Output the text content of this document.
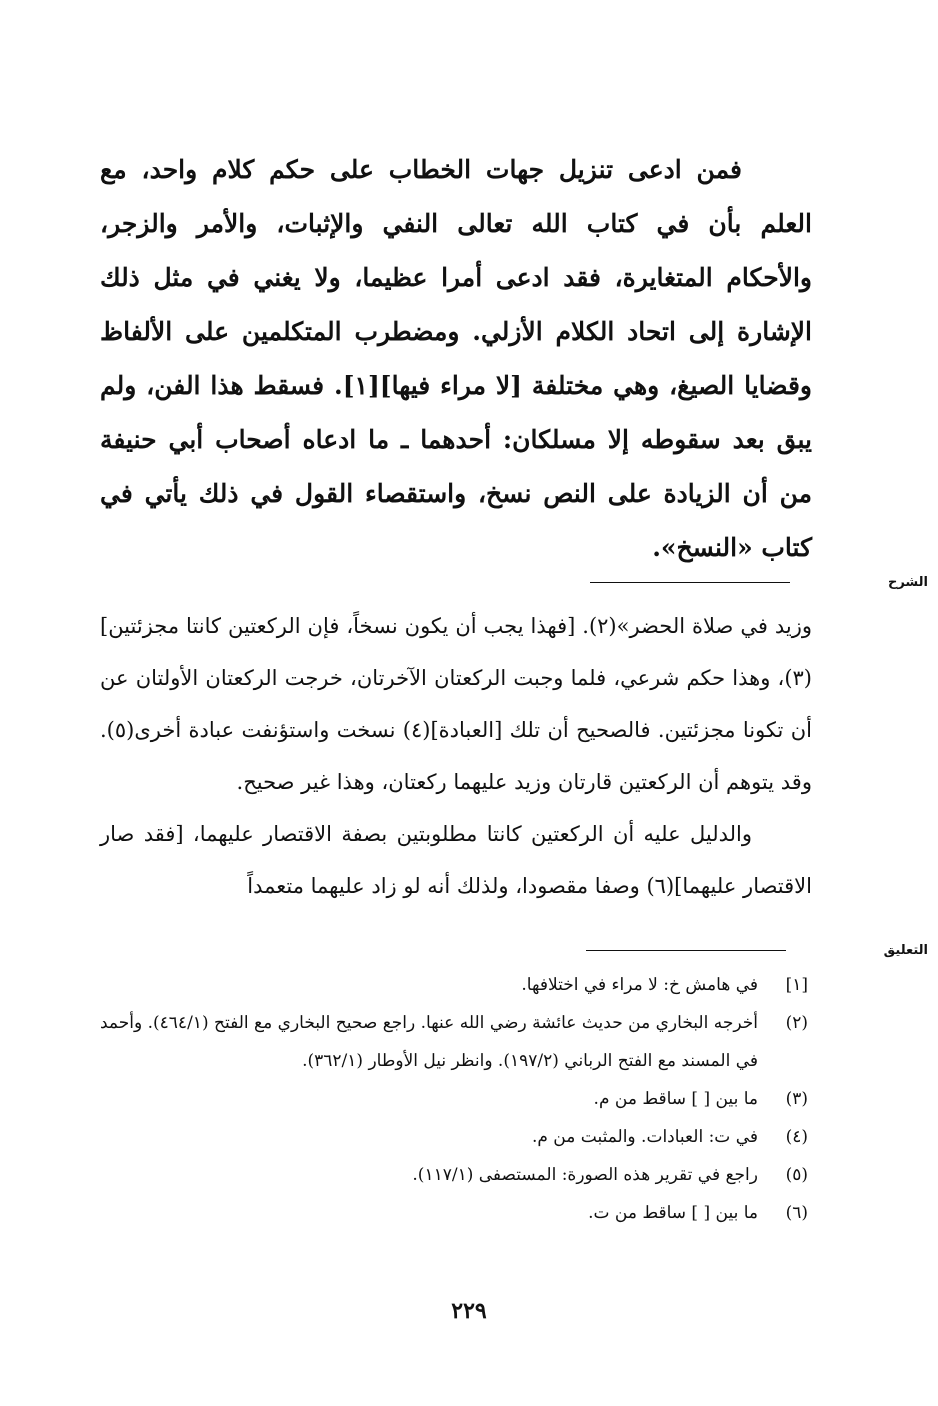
فمن ادعى تنزيل جهات الخطاب على حكم كلام واحد، مع العلم بأن في كتاب الله تعالى النفي والإثبات، والأمر والزجر، والأحكام المتغايرة، فقد ادعى أمرا عظيما، ولا يغني في مثل ذلك الإشارة إلى اتحاد الكلام الأزلي. ومضطرب المتكلمين على الألفاظ وقضايا الصيغ، وهي مختلفة [لا مراء فيها][١]. فسقط هذا الفن، ولم يبق بعد سقوطه إلا مسلكان: أحدهما ـ ما ادعاه أصحاب أبي حنيفة من أن الزيادة على النص نسخ، واستقصاء القول في ذلك يأتي في كتاب «النسخ».

الشرح

وزيد في صلاة الحضر»(٢). [فهذا يجب أن يكون نسخاً، فإن الركعتين كانتا مجزئتين](٣)، وهذا حكم شرعي، فلما وجبت الركعتان الآخرتان، خرجت الركعتان الأولتان عن أن تكونا مجزئتين. فالصحيح أن تلك [العبادة](٤) نسخت واستؤنفت عبادة أخرى(٥). وقد يتوهم أن الركعتين قارتان وزيد عليهما ركعتان، وهذا غير صحيح.

والدليل عليه أن الركعتين كانتا مطلوبتين بصفة الاقتصار عليهما، [فقد صار الاقتصار عليهما](٦) وصفا مقصودا، ولذلك أنه لو زاد عليهما متعمداً

التعليق
[١]
في هامش خ: لا مراء في اختلافها.
(٢)
أخرجه البخاري من حديث عائشة رضي الله عنها. راجع صحيح البخاري مع الفتح (٤٦٤/١). وأحمد في المسند مع الفتح الرباني (١٩٧/٢). وانظر نيل الأوطار (٣٦٢/١).
(٣)
ما بين [ ] ساقط من م.
(٤)
في ت: العبادات. والمثبت من م.
(٥)
راجع في تقرير هذه الصورة: المستصفى (١١٧/١).
(٦)
ما بين [ ] ساقط من ت.
٢٢٩
